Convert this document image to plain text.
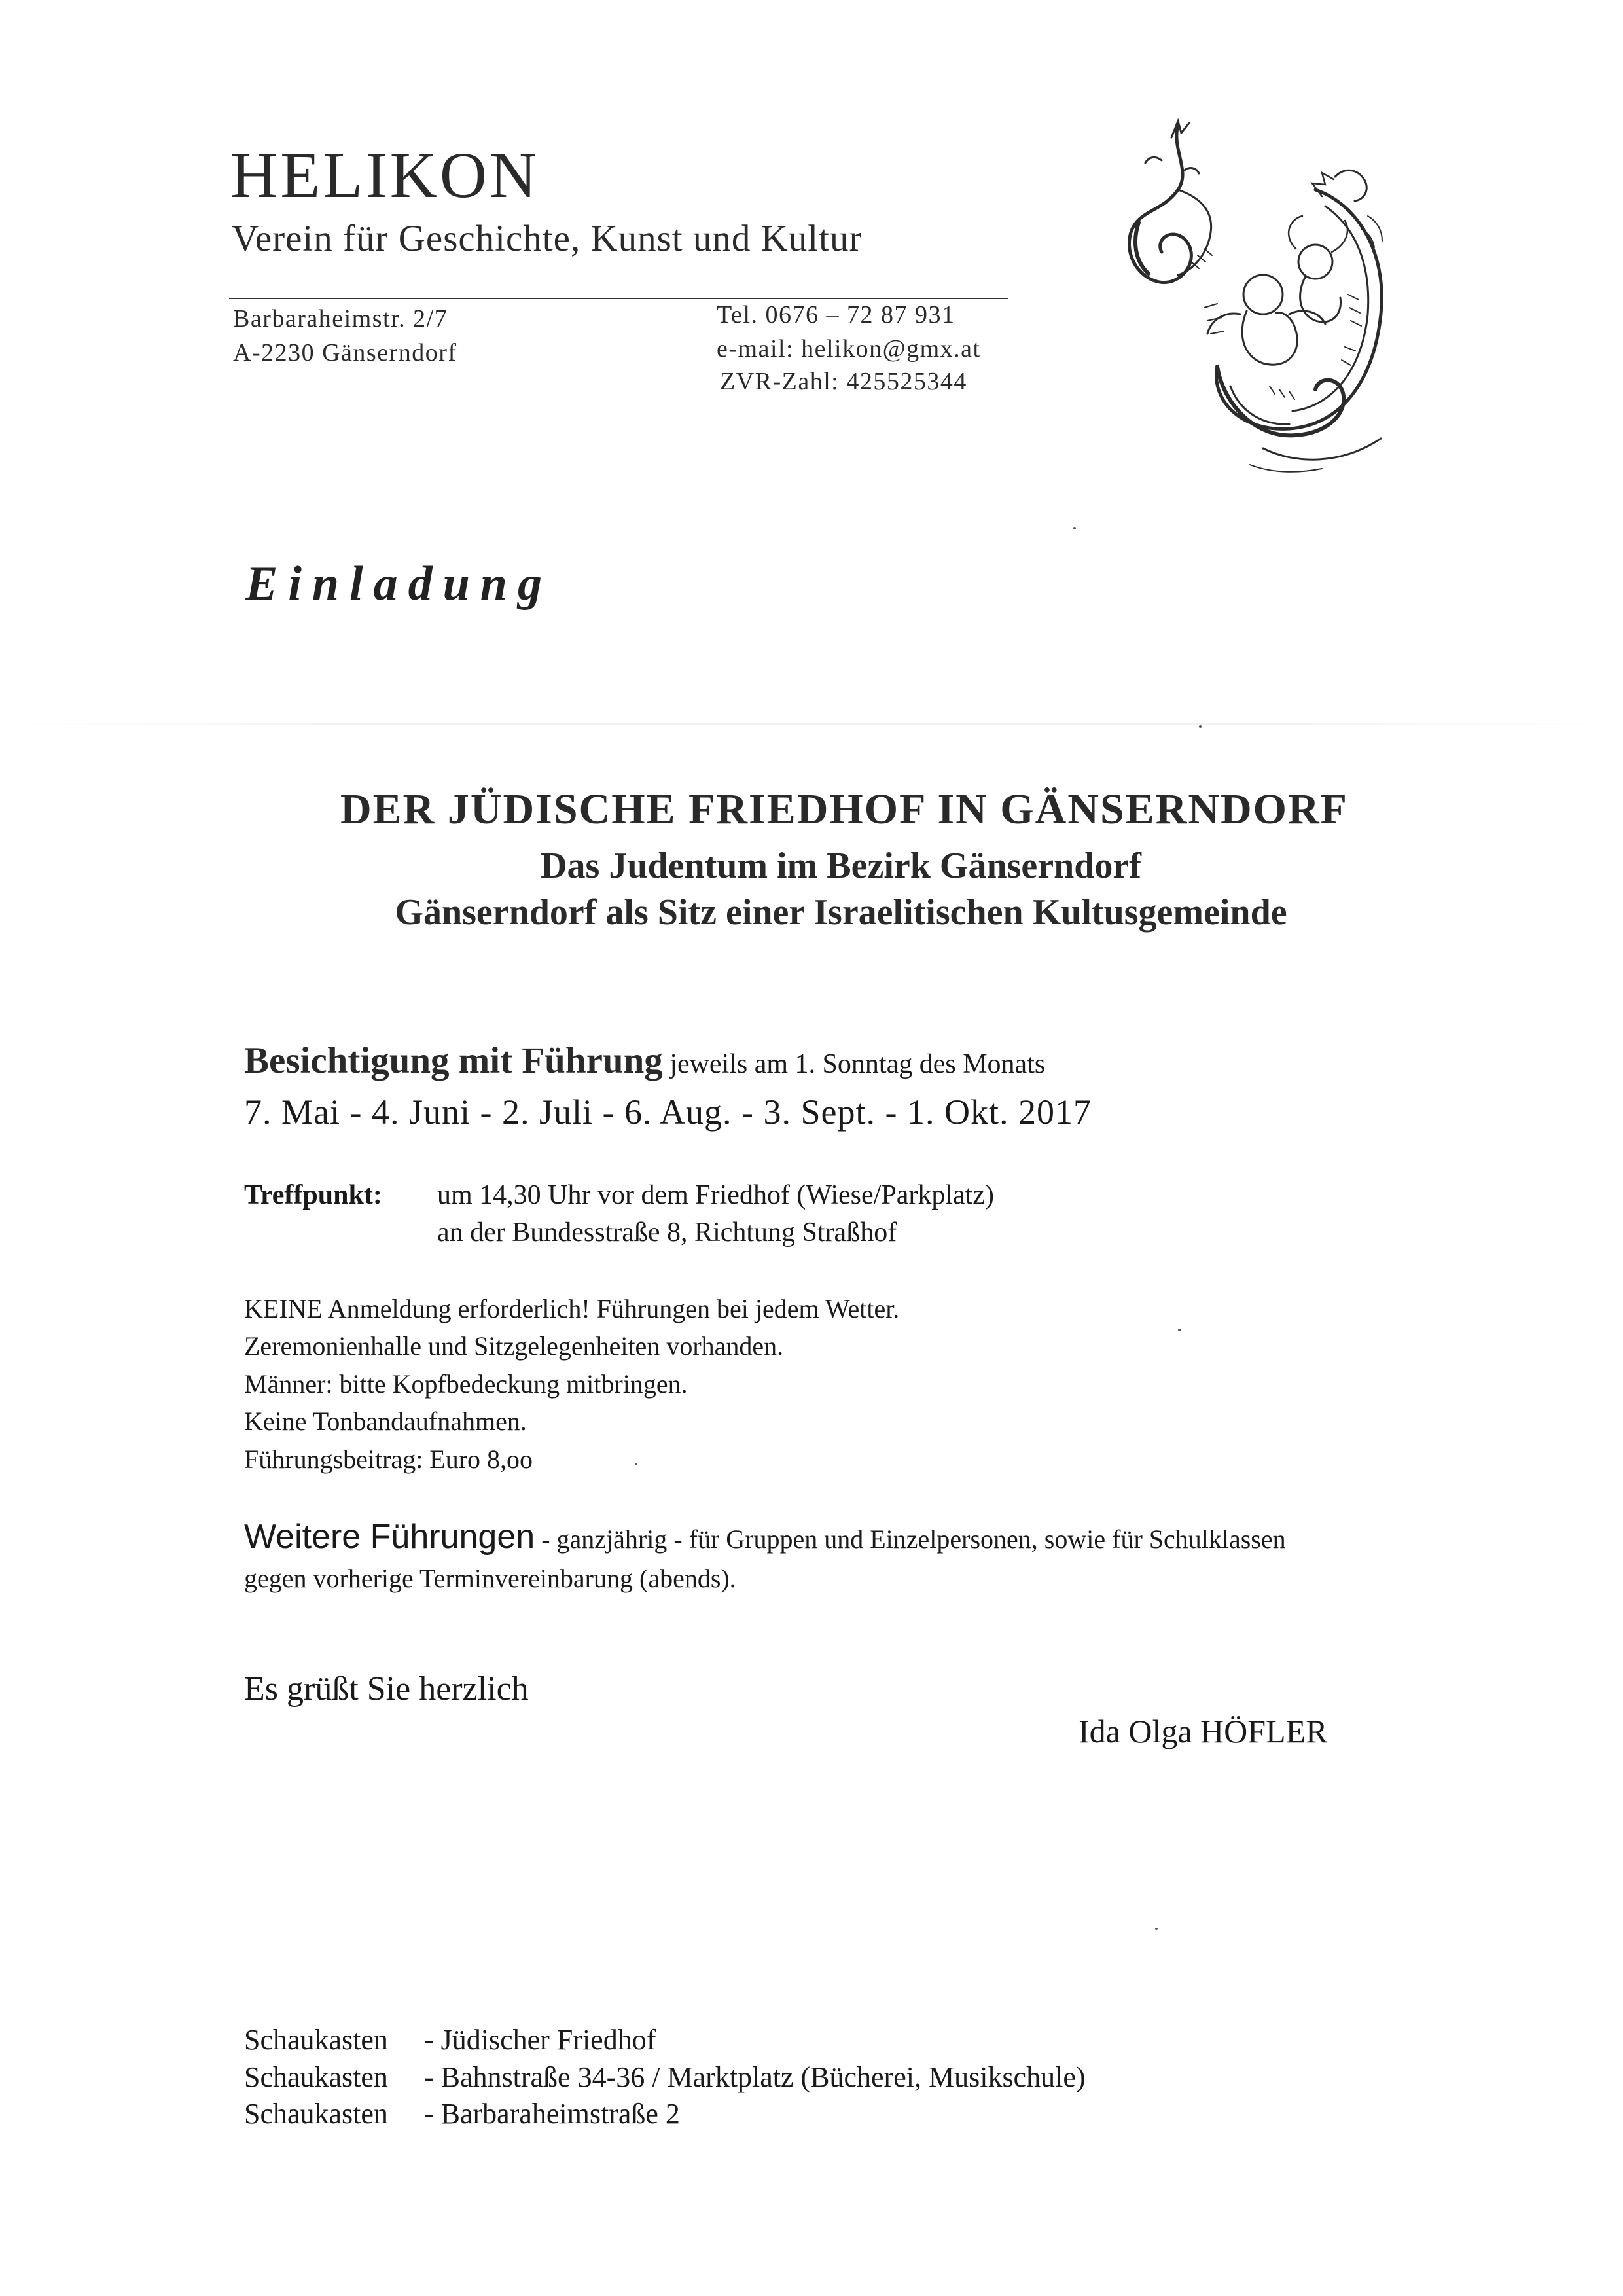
HELIKON
Verein für Geschichte, Kunst und Kultur
Barbaraheimstr. 2/7
A-2230 Gänserndorf
Tel. 0676 – 72 87 931
e-mail: helikon@gmx.at
ZVR-Zahl: 425525344
Einladung
DER JÜDISCHE FRIEDHOF IN GÄNSERNDORF
Das Judentum im Bezirk Gänserndorf
Gänserndorf als Sitz einer Israelitischen Kultusgemeinde
Besichtigung mit Führung jeweils am 1. Sonntag des Monats
7. Mai - 4. Juni - 2. Juli - 6. Aug. - 3. Sept. - 1. Okt. 2017
Treffpunkt: um 14,30 Uhr vor dem Friedhof (Wiese/Parkplatz)
an der Bundesstraße 8, Richtung Straßhof
KEINE Anmeldung erforderlich! Führungen bei jedem Wetter.
Zeremonienhalle und Sitzgelegenheiten vorhanden.
Männer: bitte Kopfbedeckung mitbringen.
Keine Tonbandaufnahmen.
Führungsbeitrag: Euro 8,oo
Weitere Führungen - ganzjährig - für Gruppen und Einzelpersonen, sowie für Schulklassen
gegen vorherige Terminvereinbarung (abends).
Es grüßt Sie herzlich
Ida Olga HÖFLER
Schaukasten - Jüdischer Friedhof
Schaukasten - Bahnstraße 34-36 / Marktplatz (Bücherei, Musikschule)
Schaukasten - Barbaraheimstraße 2
